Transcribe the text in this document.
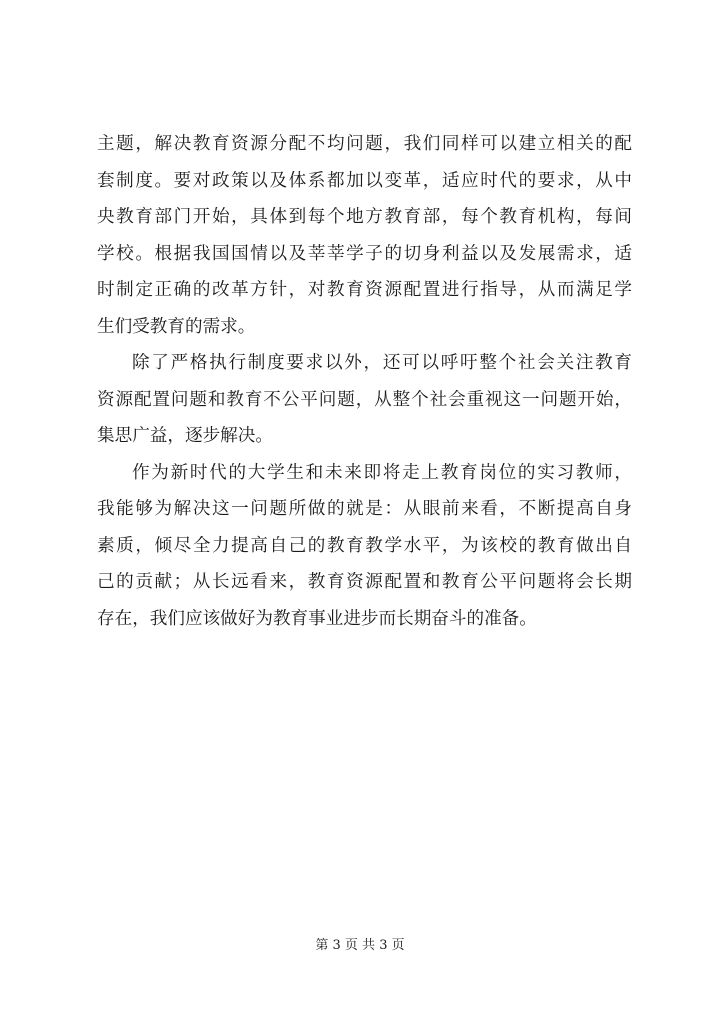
主题，解决教育资源分配不均问题，我们同样可以建立相关的配
套制度。要对政策以及体系都加以变革，适应时代的要求，从中
央教育部门开始，具体到每个地方教育部，每个教育机构，每间
学校。根据我国国情以及莘莘学子的切身利益以及发展需求，适
时制定正确的改革方针，对教育资源配置进行指导，从而满足学
生们受教育的需求。
除了严格执行制度要求以外，还可以呼吁整个社会关注教育
资源配置问题和教育不公平问题，从整个社会重视这一问题开始，
集思广益，逐步解决。
作为新时代的大学生和未来即将走上教育岗位的实习教师，
我能够为解决这一问题所做的就是：从眼前来看，不断提高自身
素质，倾尽全力提高自己的教育教学水平，为该校的教育做出自
己的贡献；从长远看来，教育资源配置和教育公平问题将会长期
存在，我们应该做好为教育事业进步而长期奋斗的准备。
第 3 页 共 3 页
